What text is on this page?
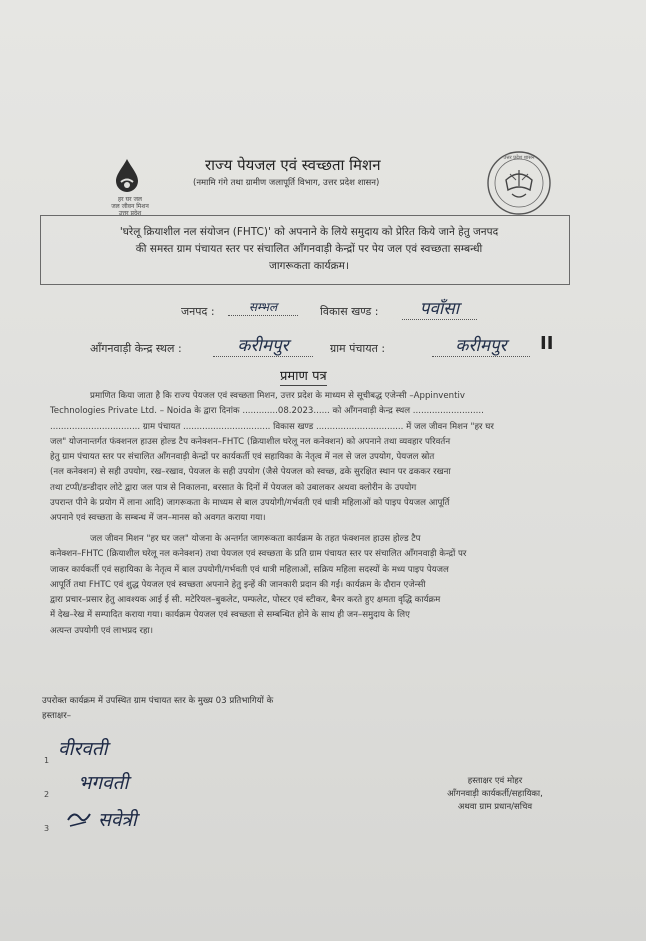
हर घर जल
जल जीवन मिशन
उत्तर प्रदेश
राज्य पेयजल एवं स्वच्छता मिशन
(नमामि गंगे तथा ग्रामीण जलापूर्ति विभाग, उत्तर प्रदेश शासन)
उत्तर प्रदेश शासन
'घरेलू क्रियाशील नल संयोजन (FHTC)' को अपनाने के लिये समुदाय को प्रेरित किये जाने हेतु जनपद
की समस्त ग्राम पंचायत स्तर पर संचालित आँगनवाड़ी केन्द्रों पर पेय जल एवं स्वच्छता सम्बन्धी
जागरूकता कार्यक्रम।
जनपद :	सम्भल	विकास खण्ड :	पवाँसा
आँगनवाड़ी केन्द्र स्थल :	करीमपुर	ग्राम पंचायत :	करीमपुर	II
प्रमाण पत्र
प्रमाणित किया जाता है कि राज्य पेयजल एवं स्वच्छता मिशन, उत्तर प्रदेश के माध्यम से सूचीबद्ध एजेन्सी –Appinventiv
Technologies Private Ltd. – Noida के द्वारा दिनांक .............08.2023...... को आँगनवाड़ी केन्द्र स्थल ..........................
................................. ग्राम पंचायत ................................ विकास खण्ड ................................ में जल जीवन मिशन "हर घर
जल" योजनान्तर्गत फंक्शनल हाउस होल्ड टैप कनेक्शन–FHTC (क्रियाशील घरेलू नल कनेक्शन) को अपनाने तथा व्यवहार परिवर्तन
हेतु ग्राम पंचायत स्तर पर संचालित आँगनवाड़ी केन्द्रों पर कार्यकर्ती एवं सहायिका के नेतृत्व में नल से जल उपयोग, पेयजल स्रोत
(नल कनेक्शन) से सही उपयोग, रख–रखाव, पेयजल के सही उपयोग (जैसे पेयजल को स्वच्छ, ढके सुरक्षित स्थान पर ढककर रखना
तथा टप्पी/डन्डीदार लोटे द्वारा जल पात्र से निकालना, बरसात के दिनों में पेयजल को उबालकर अथवा क्लोरीन के उपयोग
उपरान्त पीने के प्रयोग में लाना आदि) जागरूकता के माध्यम से बाल उपयोगी/गर्भवती एवं धात्री महिलाओं को पाइप पेयजल आपूर्ति
अपनाने एवं स्वच्छता के सम्बन्ध में जन–मानस को अवगत कराया गया।
जल जीवन मिशन "हर घर जल" योजना के अन्तर्गत जागरूकता कार्यक्रम के तहत फंक्शनल हाउस होल्ड टैप
कनेक्शन–FHTC (क्रियाशील घरेलू नल कनेक्शन) तथा पेयजल एवं स्वच्छता के प्रति ग्राम पंचायत स्तर पर संचालित आँगनवाड़ी केन्द्रों पर
जाकर कार्यकर्ती एवं सहायिका के नेतृत्व में बाल उपयोगी/गर्भवती एवं धात्री महिलाओं, सक्रिय महिला सदस्यों के मध्य पाइप पेयजल
आपूर्ति तथा FHTC एवं शुद्ध पेयजल एवं स्वच्छता अपनाने हेतु इन्हें की जानकारी प्रदान की गई। कार्यक्रम के दौरान एजेन्सी
द्वारा प्रचार–प्रसार हेतु आवश्यक आई ई सी. मटेरियल–बुकलेट, पम्फलेट, पोस्टर एवं स्टीकर, बैनर करते हुए क्षमता वृद्धि कार्यक्रम
में देख–रेख में सम्पादित कराया गया। कार्यक्रम पेयजल एवं स्वच्छता से सम्बन्धित होने के साथ ही जन–समुदाय के लिए
अत्यन्त उपयोगी एवं लाभप्रद रहा।
उपरोक्त कार्यक्रम में उपस्थित ग्राम पंचायत स्तर के मुख्य 03 प्रतिभागियों के
हस्ताक्षर–
1
वीरवती
2
भगवती
3	सवेत्री
हस्ताक्षर एवं मोहर
आँगनवाड़ी कार्यकर्ती/सहायिका,
अथवा ग्राम प्रधान/सचिव
